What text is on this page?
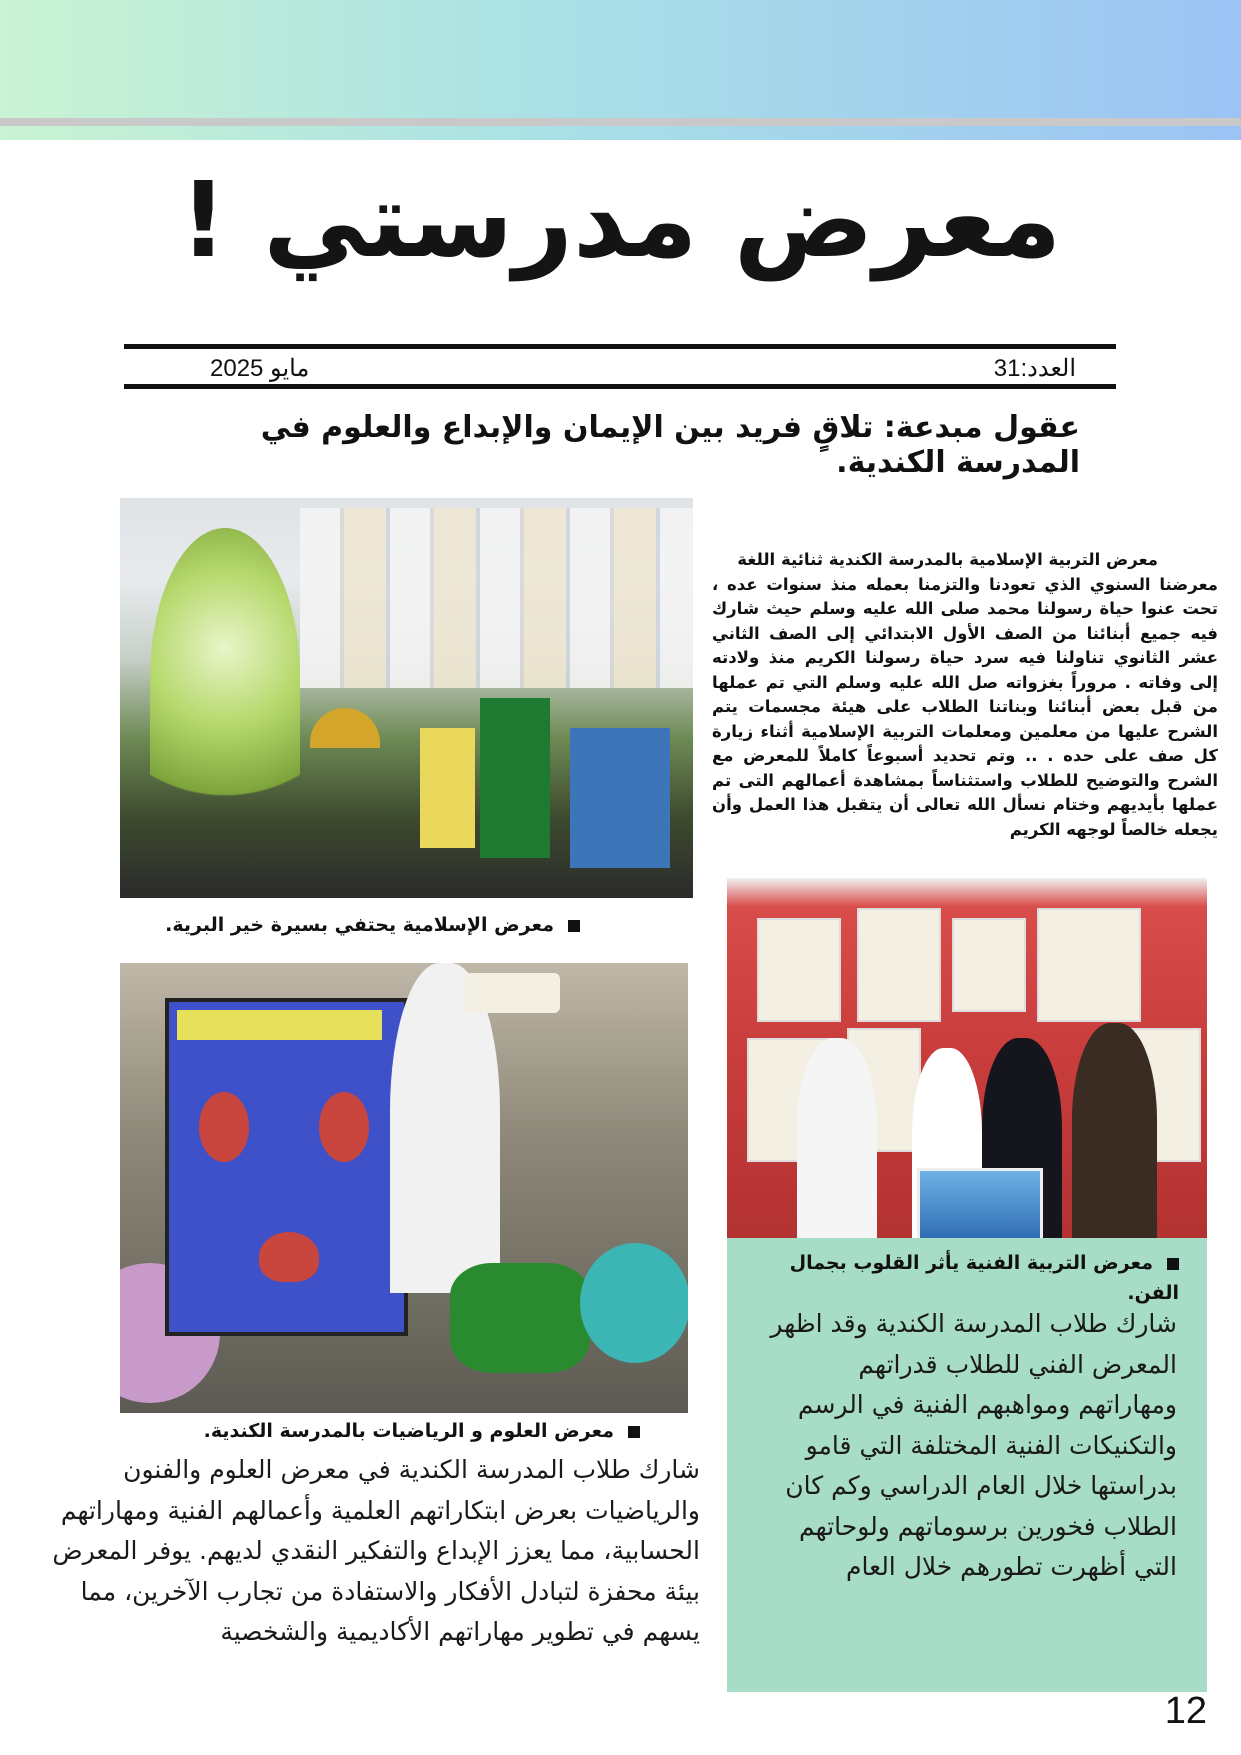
معرض مدرستي !
العدد:31
مايو 2025
عقول مبدعة: تلاقٍ فريد بين الإيمان والإبداع والعلوم في المدرسة الكندية.
معرض التربية الإسلامية بالمدرسة الكندية ثنائية اللغة
معرضنا السنوي الذي تعودنا والتزمنا بعمله منذ سنوات عده ، تحت عنوا حياة رسولنا محمد صلى الله عليه وسلم حيث شارك فيه جميع أبنائنا من الصف الأول الابتدائي إلى الصف الثاني عشر الثانوي تناولنا فيه سرد حياة رسولنا الكريم منذ ولادته إلى وفاته . مروراً بغزواته صل الله عليه وسلم التي تم عملها من قبل بعض أبنائنا وبناتنا الطلاب على هيئة مجسمات يتم الشرح عليها من معلمين ومعلمات التربية الإسلامية أثناء زيارة كل صف على حده . .. وتم تحديد أسبوعاً كاملاً للمعرض مع الشرح والتوضيح للطلاب واستثناساً بمشاهدة أعمالهم التى تم عملها بأيديهم وختام نسأل الله تعالى أن يتقبل هذا العمل وأن يجعله خالصاً لوجهه الكريم
معرض الإسلامية يحتفي بسيرة خير البرية.
معرض التربية الفنية يأثر القلوب بجمال الفن.
شارك طلاب المدرسة الكندية وقد اظهر المعرض الفني للطلاب قدراتهم ومهاراتهم ومواهبهم الفنية في الرسم والتكنيكات الفنية المختلفة التي قامو بدراستها خلال العام الدراسي وكم كان الطلاب فخورين برسوماتهم ولوحاتهم التي أظهرت تطورهم خلال العام
معرض العلوم و الرياضيات بالمدرسة الكندية.
شارك طلاب المدرسة الكندية في معرض العلوم والفنون والرياضيات بعرض ابتكاراتهم العلمية وأعمالهم الفنية ومهاراتهم الحسابية، مما يعزز الإبداع والتفكير النقدي لديهم. يوفر المعرض بيئة محفزة لتبادل الأفكار والاستفادة من تجارب الآخرين، مما يسهم في تطوير مهاراتهم الأكاديمية والشخصية
12
